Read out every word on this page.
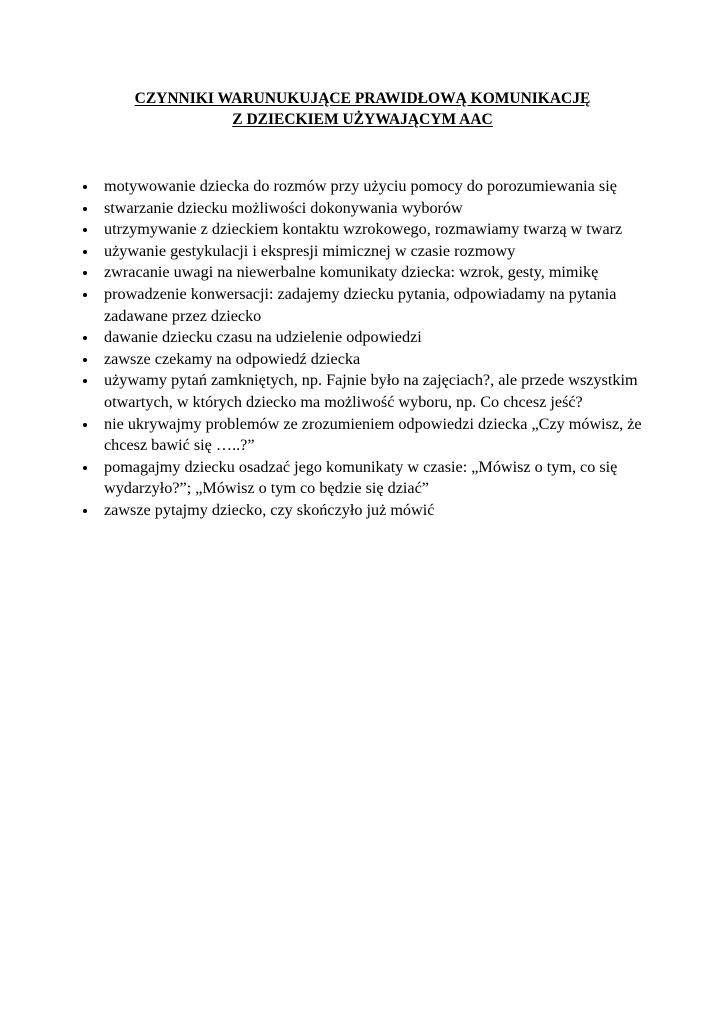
CZYNNIKI WARUNUKUJĄCE PRAWIDŁOWĄ KOMUNIKACJĘ
Z DZIECKIEM UŻYWAJĄCYM AAC
motywowanie dziecka do rozmów przy użyciu pomocy do porozumiewania się
stwarzanie dziecku możliwości dokonywania wyborów
utrzymywanie z dzieckiem kontaktu wzrokowego, rozmawiamy twarzą w twarz
używanie gestykulacji i ekspresji mimicznej w czasie rozmowy
zwracanie uwagi na niewerbalne komunikaty dziecka: wzrok, gesty, mimikę
prowadzenie konwersacji: zadajemy dziecku pytania, odpowiadamy na pytania zadawane przez dziecko
dawanie dziecku czasu na udzielenie odpowiedzi
zawsze czekamy na odpowiedź dziecka
używamy pytań zamkniętych, np. Fajnie było na zajęciach?, ale przede wszystkim otwartych, w których dziecko ma możliwość wyboru, np. Co chcesz jeść?
nie ukrywajmy problemów ze zrozumieniem odpowiedzi dziecka „Czy mówisz, że chcesz bawić się …..?”
pomagajmy dziecku osadzać jego komunikaty w czasie: „Mówisz o tym, co się wydarzyło?”; „Mówisz o tym co będzie się dziać”
zawsze pytajmy dziecko, czy skończyło już mówić
